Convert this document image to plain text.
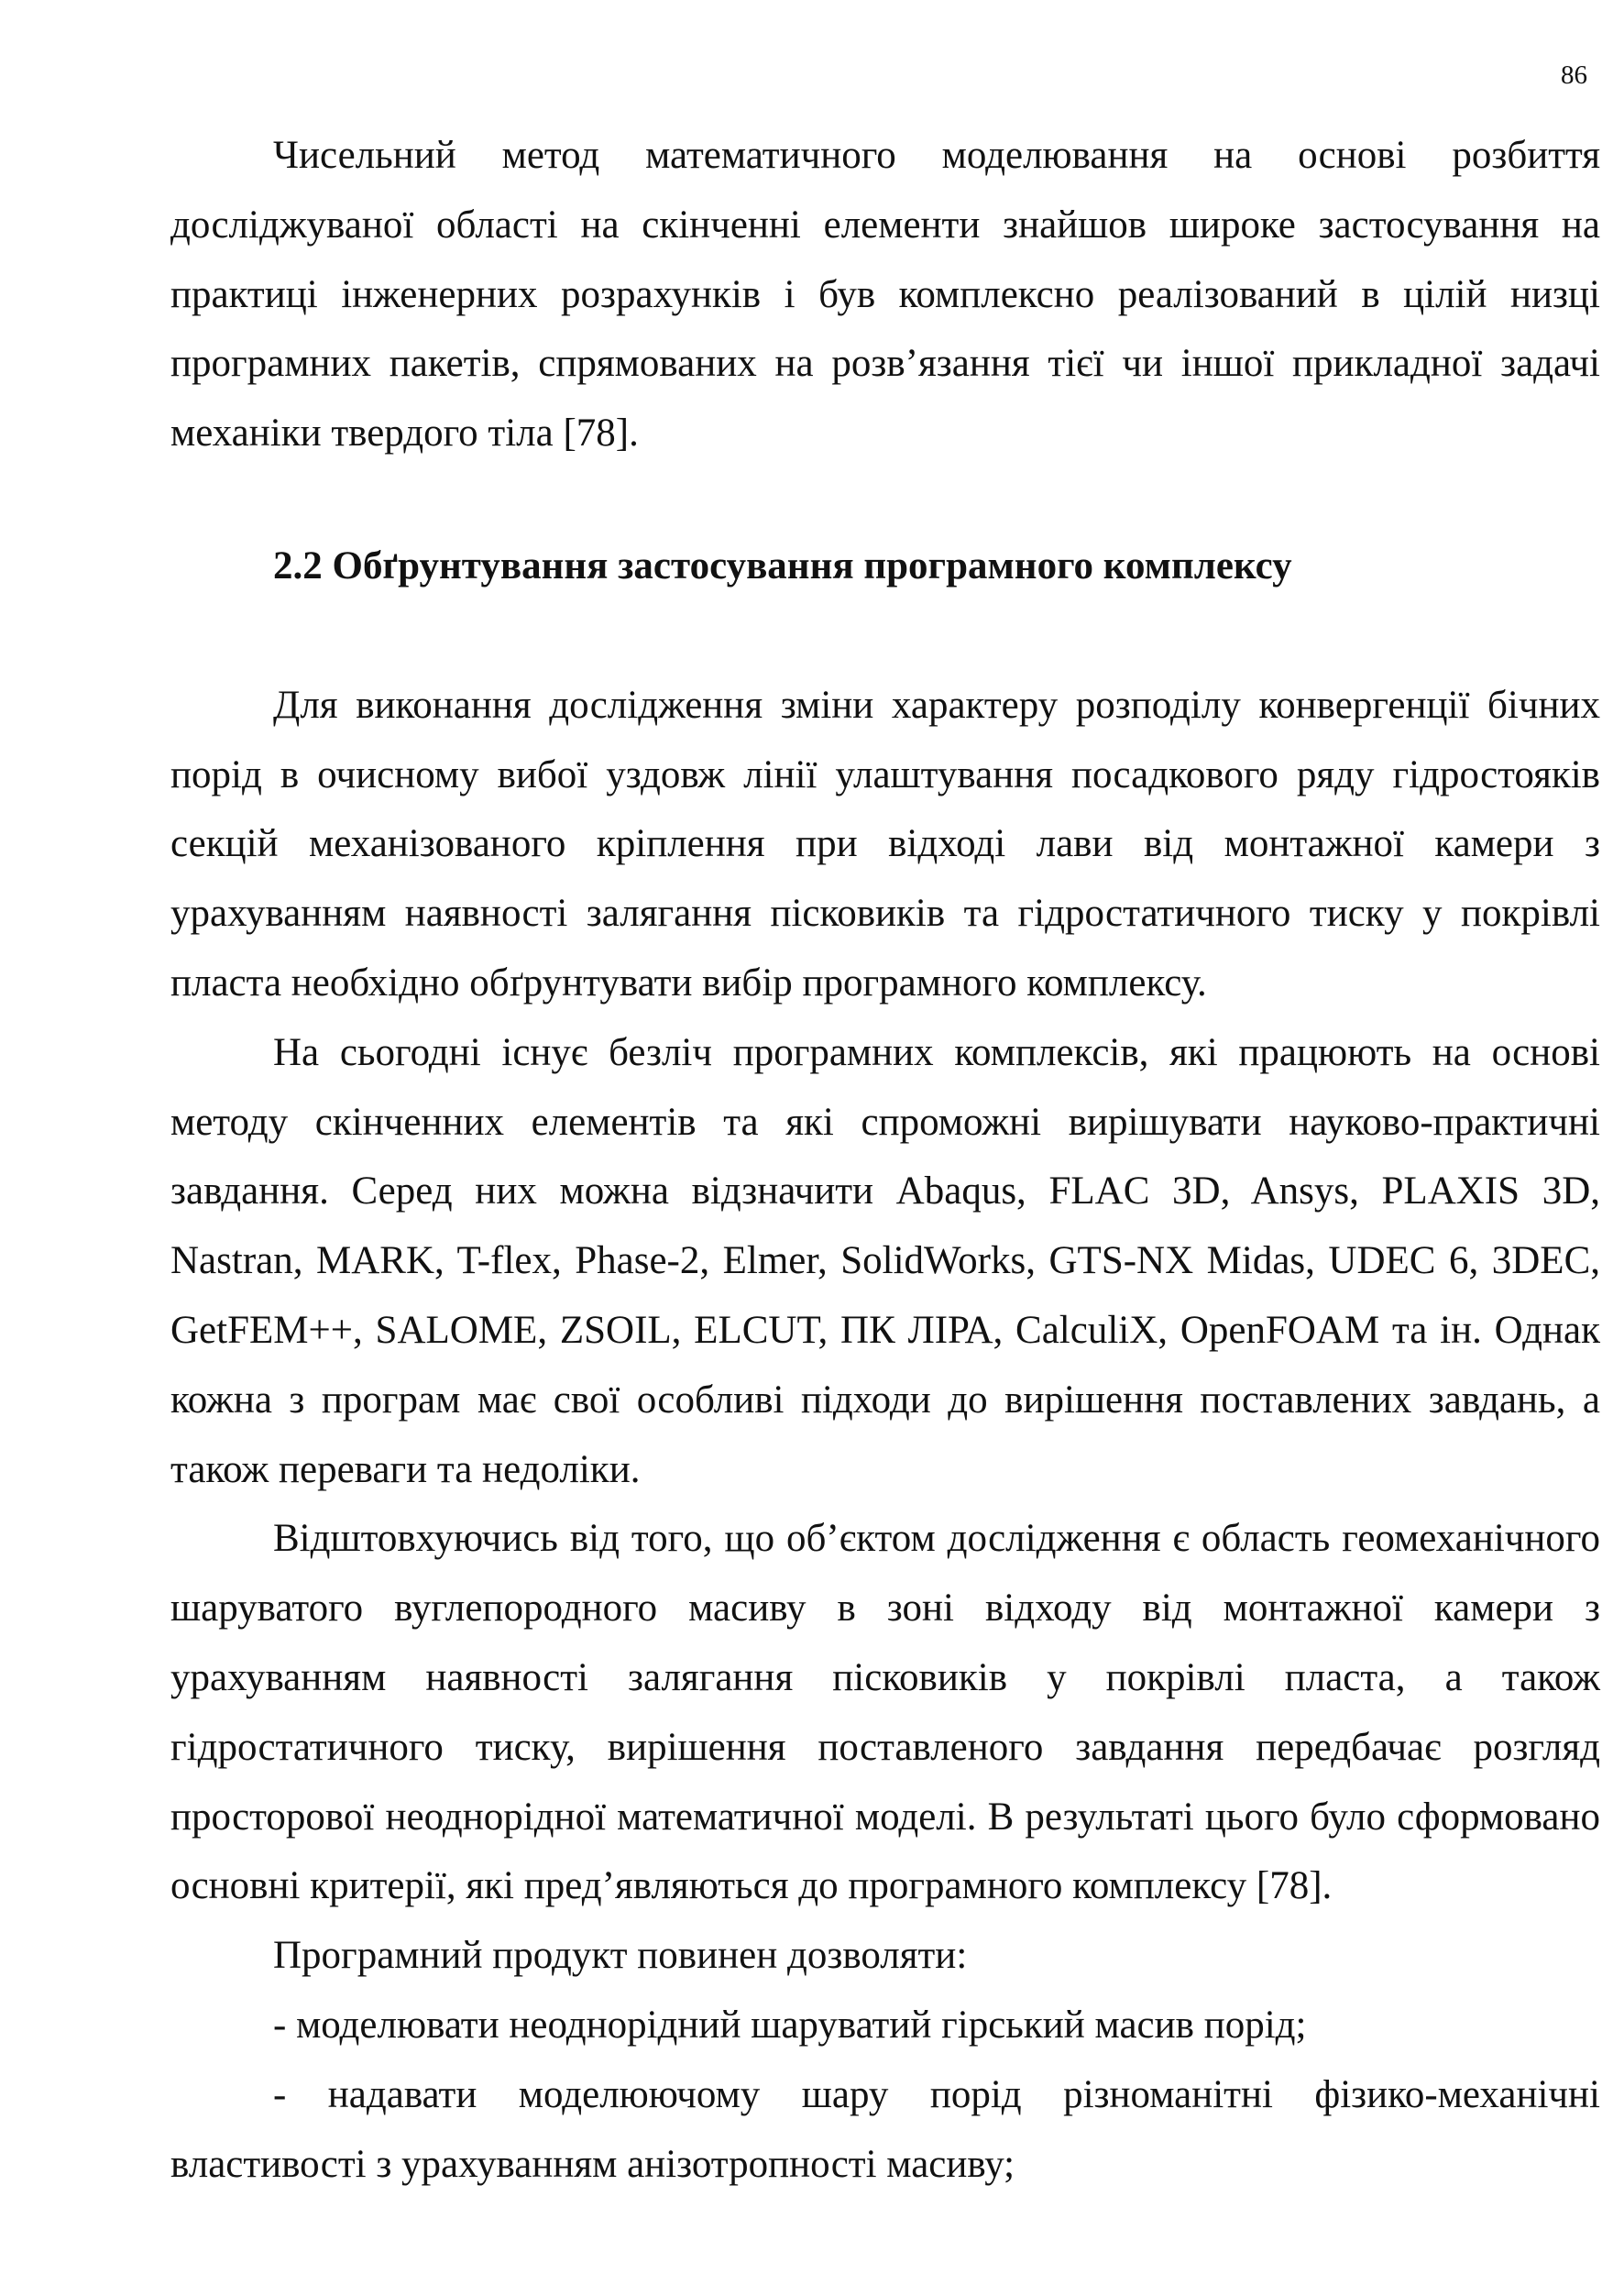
86

Чисельний метод математичного моделювання на основі розбиття досліджуваної області на скінченні елементи знайшов широке застосування на практиці інженерних розрахунків і був комплексно реалізований в цілій низці програмних пакетів, спрямованих на розв’язання тієї чи іншої прикладної задачі механіки твердого тіла [78].

2.2 Обґрунтування застосування програмного комплексу

Для виконання дослідження зміни характеру розподілу конвергенції бічних порід в очисному вибої уздовж лінії улаштування посадкового ряду гідростояків секцій механізованого кріплення при відході лави від монтажної камери з урахуванням наявності залягання пісковиків та гідростатичного тиску у покрівлі пласта необхідно обґрунтувати вибір програмного комплексу.

На сьогодні існує безліч програмних комплексів, які працюють на основі методу скінченних елементів та які спроможні вирішувати науково-практичні завдання. Серед них можна відзначити Abaqus, FLAC 3D, Ansys, PLAXIS 3D, Nastran, MARK, T-flex, Phase-2, Elmer, SolidWorks, GTS-NX Midas, UDEC 6, 3DEC, GetFEM++, SALOME, ZSOIL, ELCUT, ПК ЛІРА, CalculiX, OpenFOAM та ін. Однак кожна з програм має свої особливі підходи до вирішення поставлених завдань, а також переваги та недоліки.

Відштовхуючись від того, що об’єктом дослідження є область геомеханічного шаруватого вуглепородного масиву в зоні відходу від монтажної камери з урахуванням наявності залягання пісковиків у покрівлі пласта, а також гідростатичного тиску, вирішення поставленого завдання передбачає розгляд просторової неоднорідної математичної моделі. В результаті цього було сформовано основні критерії, які пред’являються до програмного комплексу [78].

Програмний продукт повинен дозволяти:

- моделювати неоднорідний шаруватий гірський масив порід;

- надавати моделюючому шару порід різноманітні фізико-механічні властивості з урахуванням анізотропності масиву;
